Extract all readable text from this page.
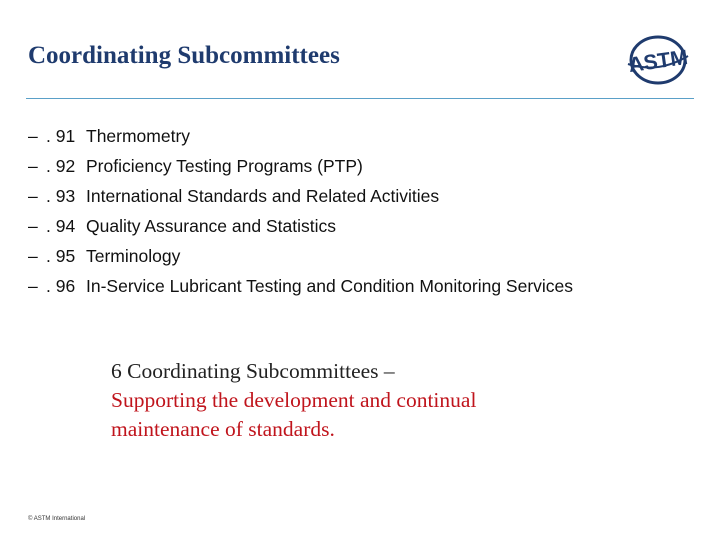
Coordinating Subcommittees	ASTM
– . 91 Thermometry
– . 92 Proficiency Testing Programs (PTP)
– . 93 International Standards and Related Activities
– . 94 Quality Assurance and Statistics
– . 95 Terminology
– . 96 In-Service Lubricant Testing and Condition Monitoring Services
6 Coordinating Subcommittees –
Supporting the development and continual
maintenance of standards.
© ASTM International
